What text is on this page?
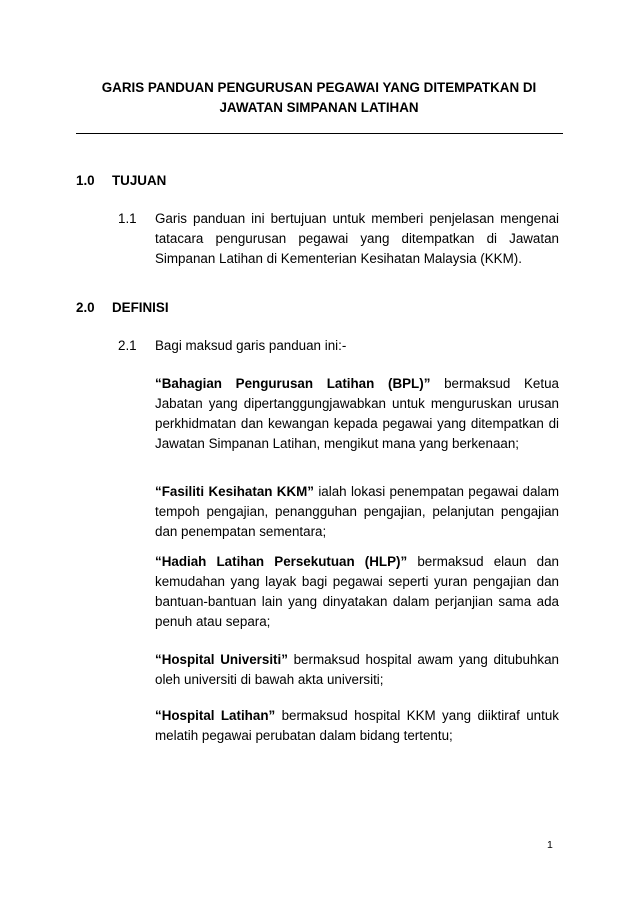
GARIS PANDUAN PENGURUSAN PEGAWAI YANG DITEMPATKAN DI
JAWATAN SIMPANAN LATIHAN
1.0 TUJUAN
1.1 Garis panduan ini bertujuan untuk memberi penjelasan mengenai tatacara pengurusan pegawai yang ditempatkan di Jawatan Simpanan Latihan di Kementerian Kesihatan Malaysia (KKM).
2.0 DEFINISI
2.1 Bagi maksud garis panduan ini:-
“Bahagian Pengurusan Latihan (BPL)” bermaksud Ketua Jabatan yang dipertanggungjawabkan untuk menguruskan urusan perkhidmatan dan kewangan kepada pegawai yang ditempatkan di Jawatan Simpanan Latihan, mengikut mana yang berkenaan;
“Fasiliti Kesihatan KKM” ialah lokasi penempatan pegawai dalam tempoh pengajian, penangguhan pengajian, pelanjutan pengajian dan penempatan sementara;
“Hadiah Latihan Persekutuan (HLP)” bermaksud elaun dan kemudahan yang layak bagi pegawai seperti yuran pengajian dan bantuan-bantuan lain yang dinyatakan dalam perjanjian sama ada penuh atau separa;
“Hospital Universiti” bermaksud hospital awam yang ditubuhkan oleh universiti di bawah akta universiti;
“Hospital Latihan” bermaksud hospital KKM yang diiktiraf untuk melatih pegawai perubatan dalam bidang tertentu;
1
